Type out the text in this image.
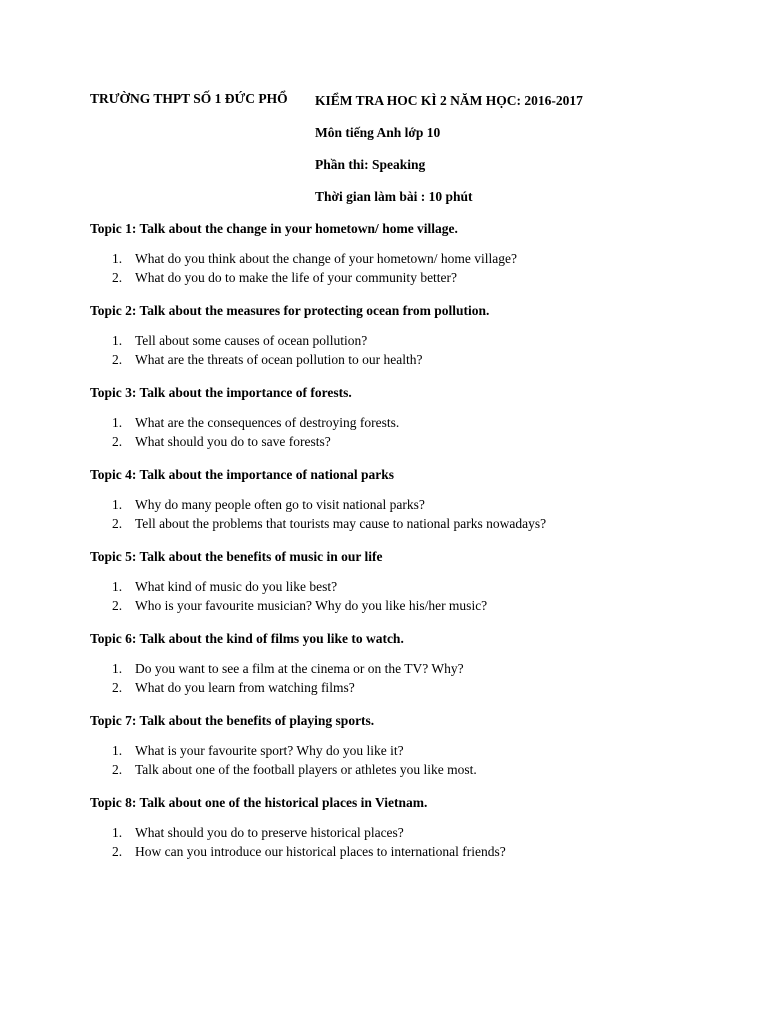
TRƯỜNG THPT SỐ 1 ĐỨC PHỔ KIỂM TRA HOC KÌ 2 NĂM HỌC: 2016-2017
Môn tiếng Anh lớp 10
Phần thi: Speaking
Thời gian làm bài : 10 phút
Topic 1: Talk about the change in your hometown/ home village.
1. What do you think about the change of your hometown/ home village?
2. What do you do to make the life of your community better?
Topic 2: Talk about the measures for protecting ocean from pollution.
1. Tell about some causes of ocean pollution?
2. What are the threats of ocean pollution to our health?
Topic 3: Talk about the importance of forests.
1. What are the consequences of destroying forests.
2. What should you do to save forests?
Topic 4: Talk about the importance of national parks
1. Why do many people often go to visit national parks?
2. Tell about the problems that tourists may cause to national parks nowadays?
Topic 5: Talk about the benefits of music in our life
1. What kind of music do you like best?
2. Who is your favourite musician? Why do you like his/her music?
Topic 6: Talk about the kind of films you like to watch.
1. Do you want to see a film at the cinema or on the TV? Why?
2. What do you learn from watching films?
Topic 7: Talk about the benefits of playing sports.
1. What is your favourite sport? Why do you like it?
2. Talk about one of the football players or athletes you like most.
Topic 8: Talk about one of the historical places in Vietnam.
1. What should you do to preserve historical places?
2. How can you introduce our historical places to international friends?
